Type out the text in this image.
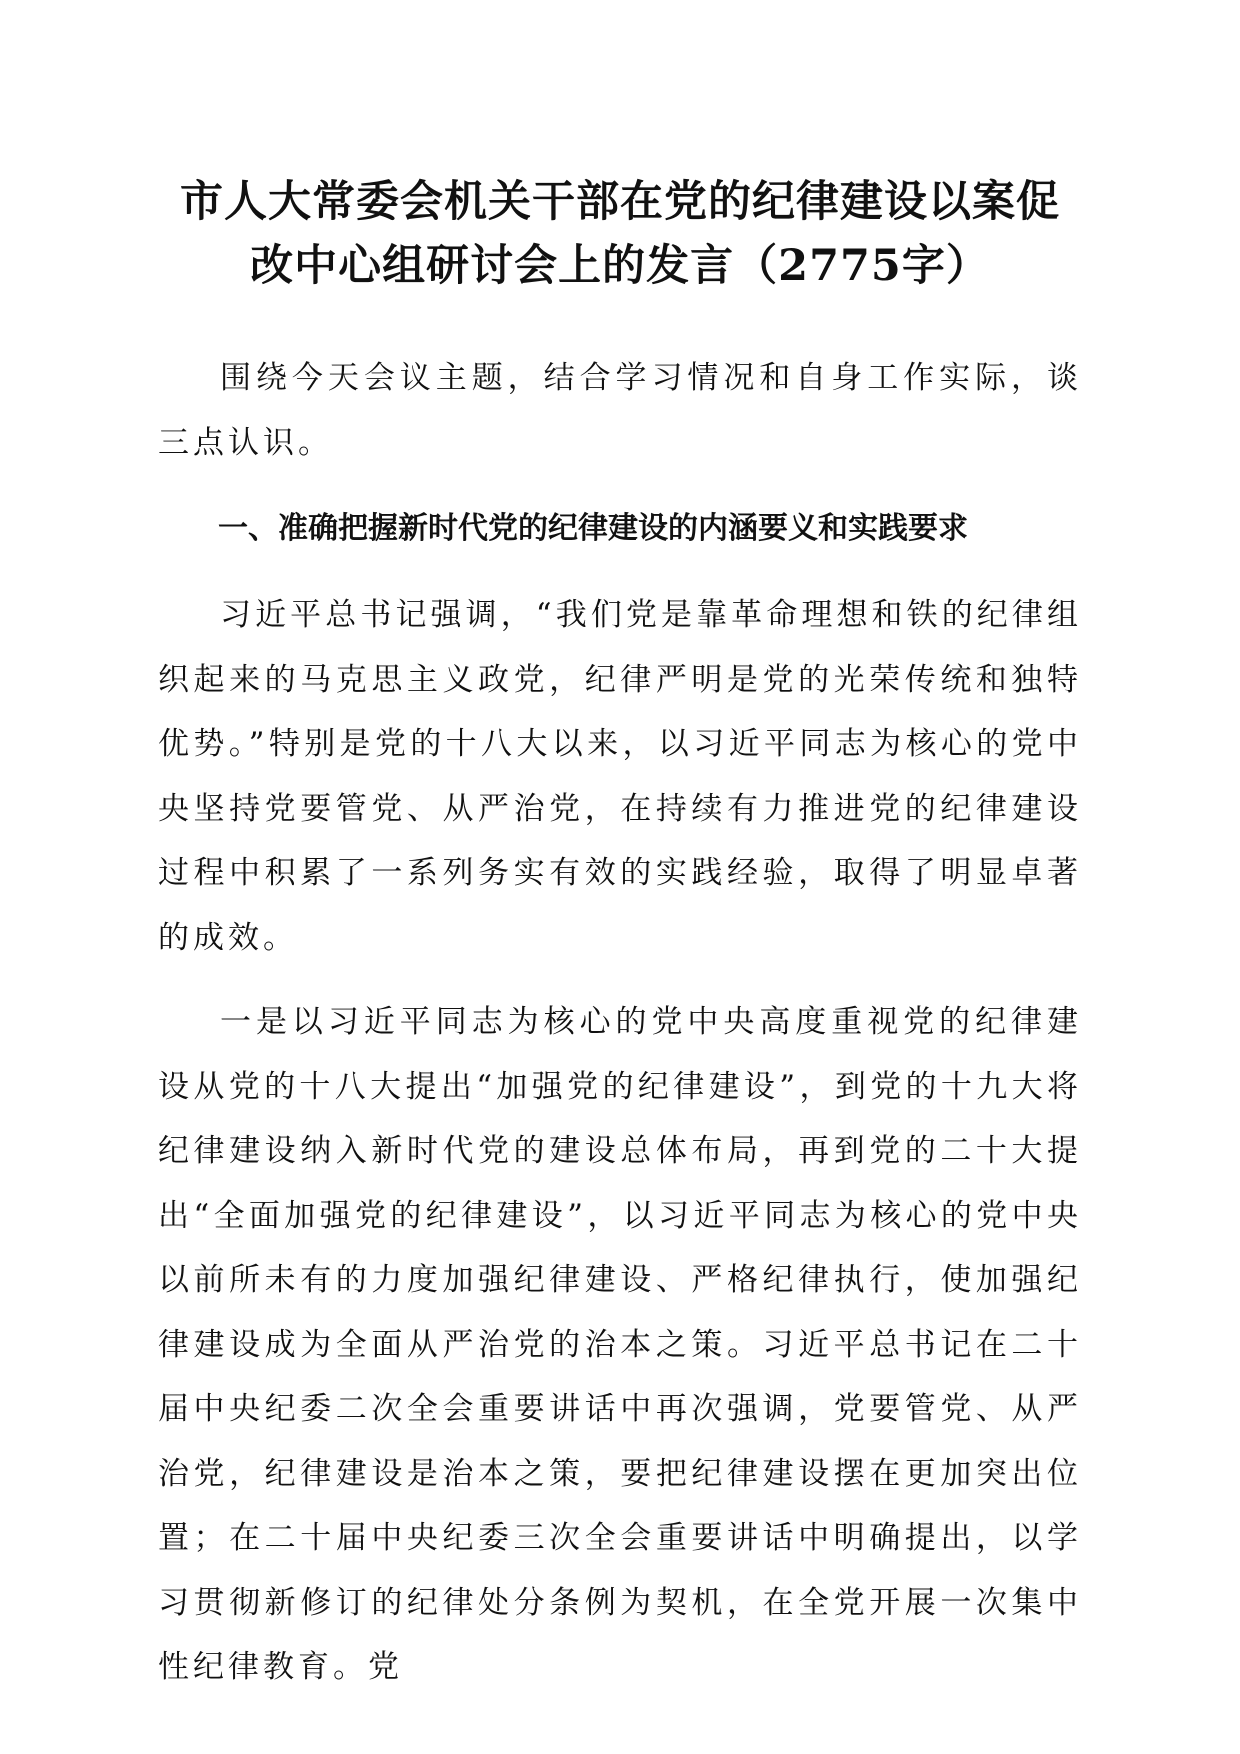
市人大常委会机关干部在党的纪律建设以案促
改中心组研讨会上的发言（2775字）

围绕今天会议主题，结合学习情况和自身工作实际，谈三点认识。

一、准确把握新时代党的纪律建设的内涵要义和实践要求

习近平总书记强调，“我们党是靠革命理想和铁的纪律组织起来的马克思主义政党，纪律严明是党的光荣传统和独特优势。”特别是党的十八大以来，以习近平同志为核心的党中央坚持党要管党、从严治党，在持续有力推进党的纪律建设过程中积累了一系列务实有效的实践经验，取得了明显卓著的成效。

一是以习近平同志为核心的党中央高度重视党的纪律建设从党的十八大提出“加强党的纪律建设”，到党的十九大将纪律建设纳入新时代党的建设总体布局，再到党的二十大提出“全面加强党的纪律建设”，以习近平同志为核心的党中央以前所未有的力度加强纪律建设、严格纪律执行，使加强纪律建设成为全面从严治党的治本之策。习近平总书记在二十届中央纪委二次全会重要讲话中再次强调，党要管党、从严治党，纪律建设是治本之策，要把纪律建设摆在更加突出位置；在二十届中央纪委三次全会重要讲话中明确提出，以学习贯彻新修订的纪律处分条例为契机，在全党开展一次集中性纪律教育。党
